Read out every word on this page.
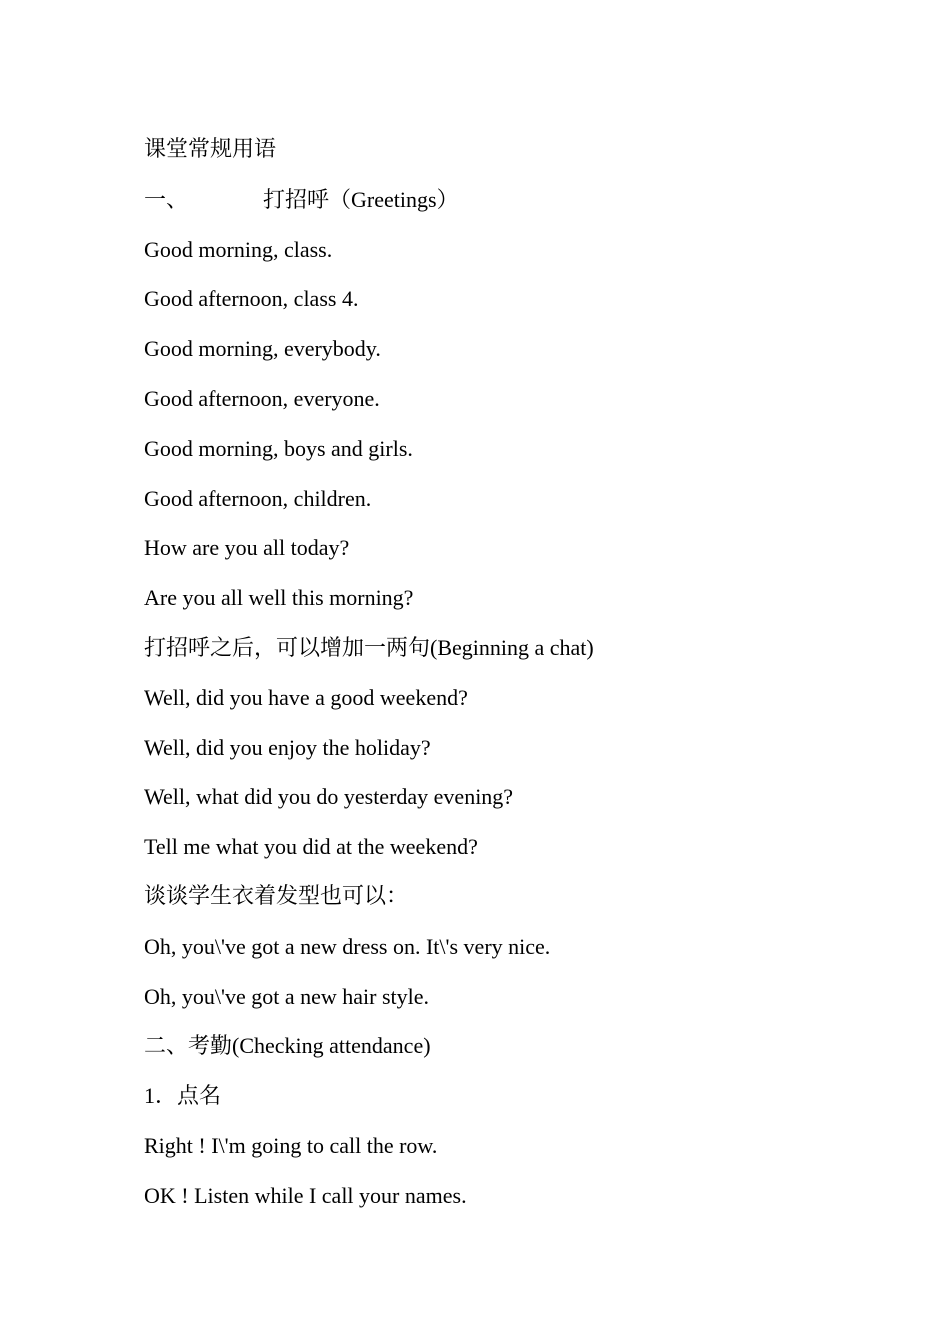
课堂常规用语
一、	打招呼（Greetings）
Good morning, class.
Good afternoon, class 4.
Good morning, everybody.
Good afternoon, everyone.
Good morning, boys and girls.
Good afternoon, children.
How are you all today?
Are you all well this morning?
打招呼之后，可以增加一两句(Beginning a chat)
Well, did you have a good weekend?
Well, did you enjoy the holiday?
Well, what did you do yesterday evening?
Tell me what you did at the weekend?
谈谈学生衣着发型也可以：
Oh, you\'ve got a new dress on. It\'s very nice.
Oh, you\'ve got a new hair style.
二、考勤(Checking attendance)
1．点名
Right ! I\'m going to call the row.
OK ! Listen while I call your names.
